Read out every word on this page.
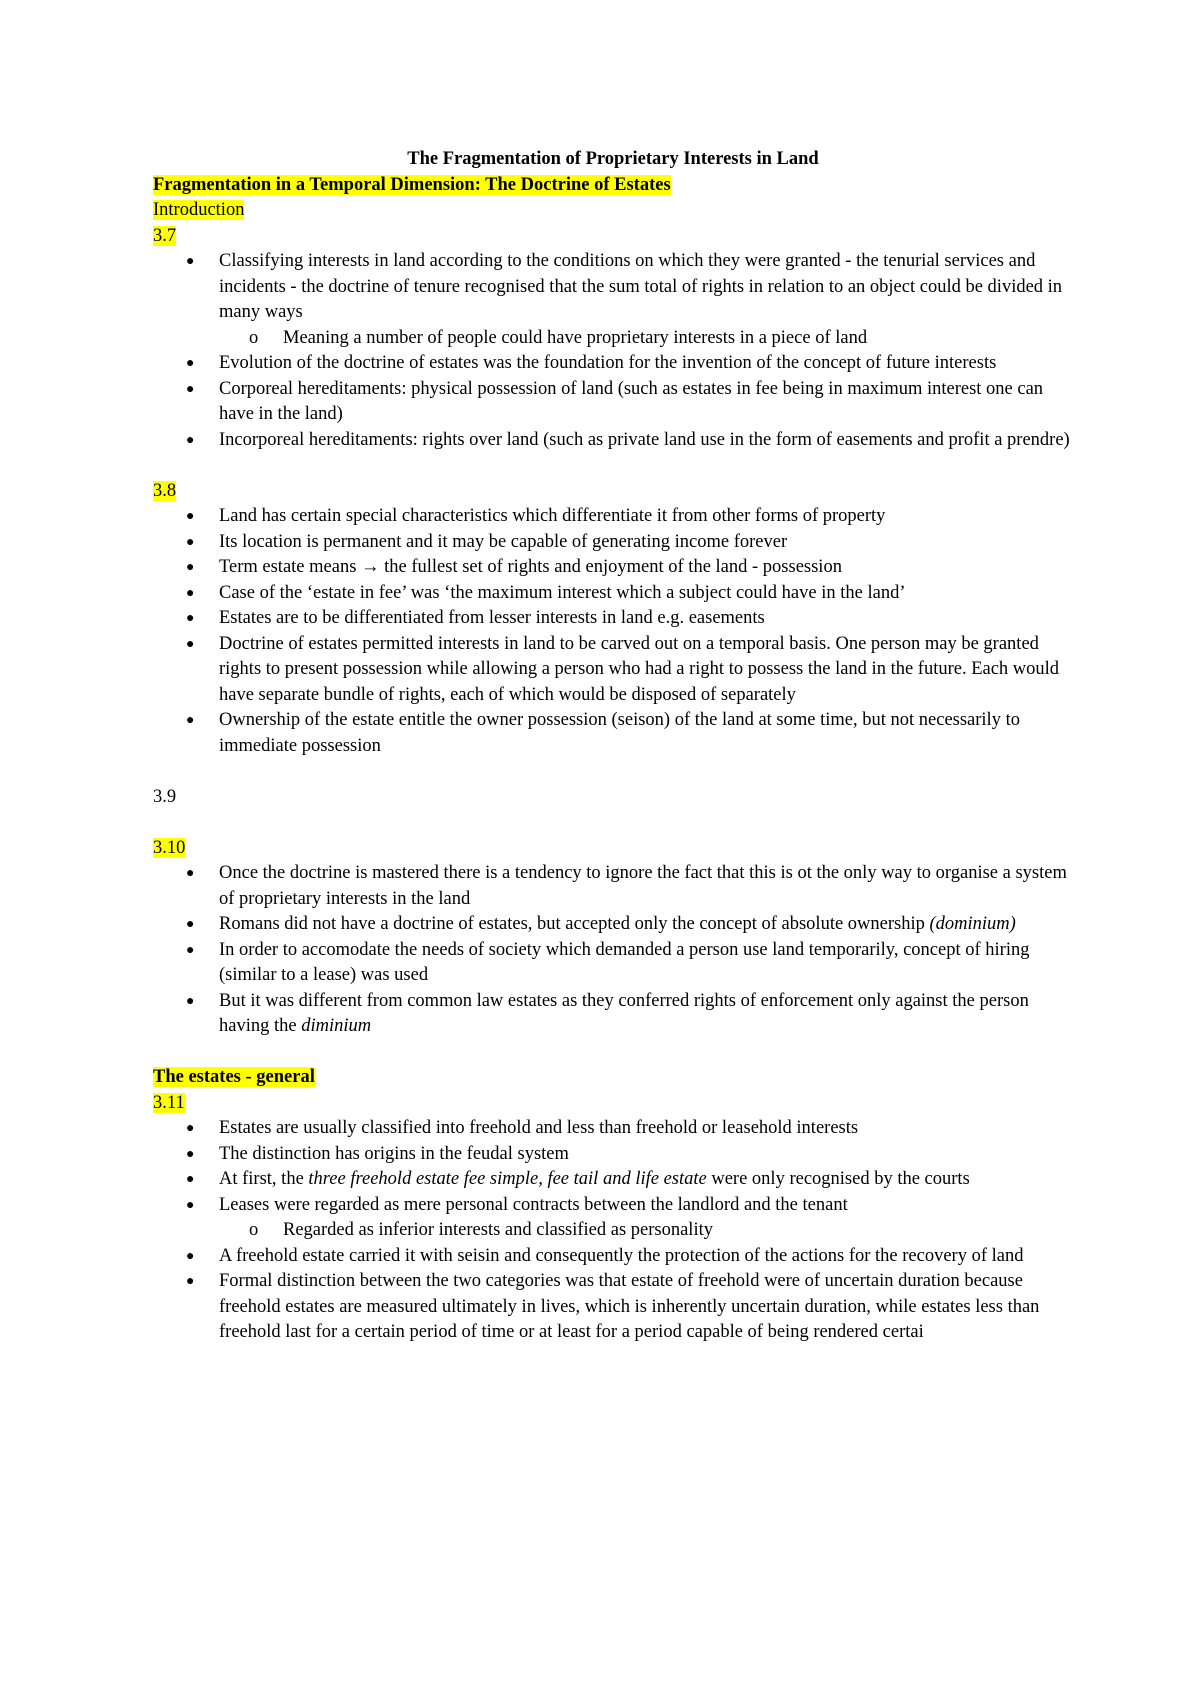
The Fragmentation of Proprietary Interests in Land
Fragmentation in a Temporal Dimension: The Doctrine of Estates
Introduction
3.7
● Classifying interests in land according to the conditions on which they were granted - the tenurial services and incidents - the doctrine of tenure recognised that the sum total of rights in relation to an object could be divided in many ways
o Meaning a number of people could have proprietary interests in a piece of land
● Evolution of the doctrine of estates was the foundation for the invention of the concept of future interests
● Corporeal hereditaments: physical possession of land (such as estates in fee being in maximum interest one can have in the land)
● Incorporeal hereditaments: rights over land (such as private land use in the form of easements and profit a prendre)
3.8
● Land has certain special characteristics which differentiate it from other forms of property
● Its location is permanent and it may be capable of generating income forever
● Term estate means → the fullest set of rights and enjoyment of the land - possession
● Case of the ‘estate in fee’ was ‘the maximum interest which a subject could have in the land’
● Estates are to be differentiated from lesser interests in land e.g. easements
● Doctrine of estates permitted interests in land to be carved out on a temporal basis. One person may be granted rights to present possession while allowing a person who had a right to possess the land in the future. Each would have separate bundle of rights, each of which would be disposed of separately
● Ownership of the estate entitle the owner possession (seison) of the land at some time, but not necessarily to immediate possession
3.9
3.10
● Once the doctrine is mastered there is a tendency to ignore the fact that this is ot the only way to organise a system of proprietary interests in the land
● Romans did not have a doctrine of estates, but accepted only the concept of absolute ownership (dominium)
● In order to accomodate the needs of society which demanded a person use land temporarily, concept of hiring (similar to a lease) was used
● But it was different from common law estates as they conferred rights of enforcement only against the person having the diminium
The estates - general
3.11
● Estates are usually classified into freehold and less than freehold or leasehold interests
● The distinction has origins in the feudal system
● At first, the three freehold estate fee simple, fee tail and life estate were only recognised by the courts
● Leases were regarded as mere personal contracts between the landlord and the tenant
o Regarded as inferior interests and classified as personality
● A freehold estate carried it with seisin and consequently the protection of the actions for the recovery of land
● Formal distinction between the two categories was that estate of freehold were of uncertain duration because freehold estates are measured ultimately in lives, which is inherently uncertain duration, while estates less than freehold last for a certain period of time or at least for a period capable of being rendered certai
